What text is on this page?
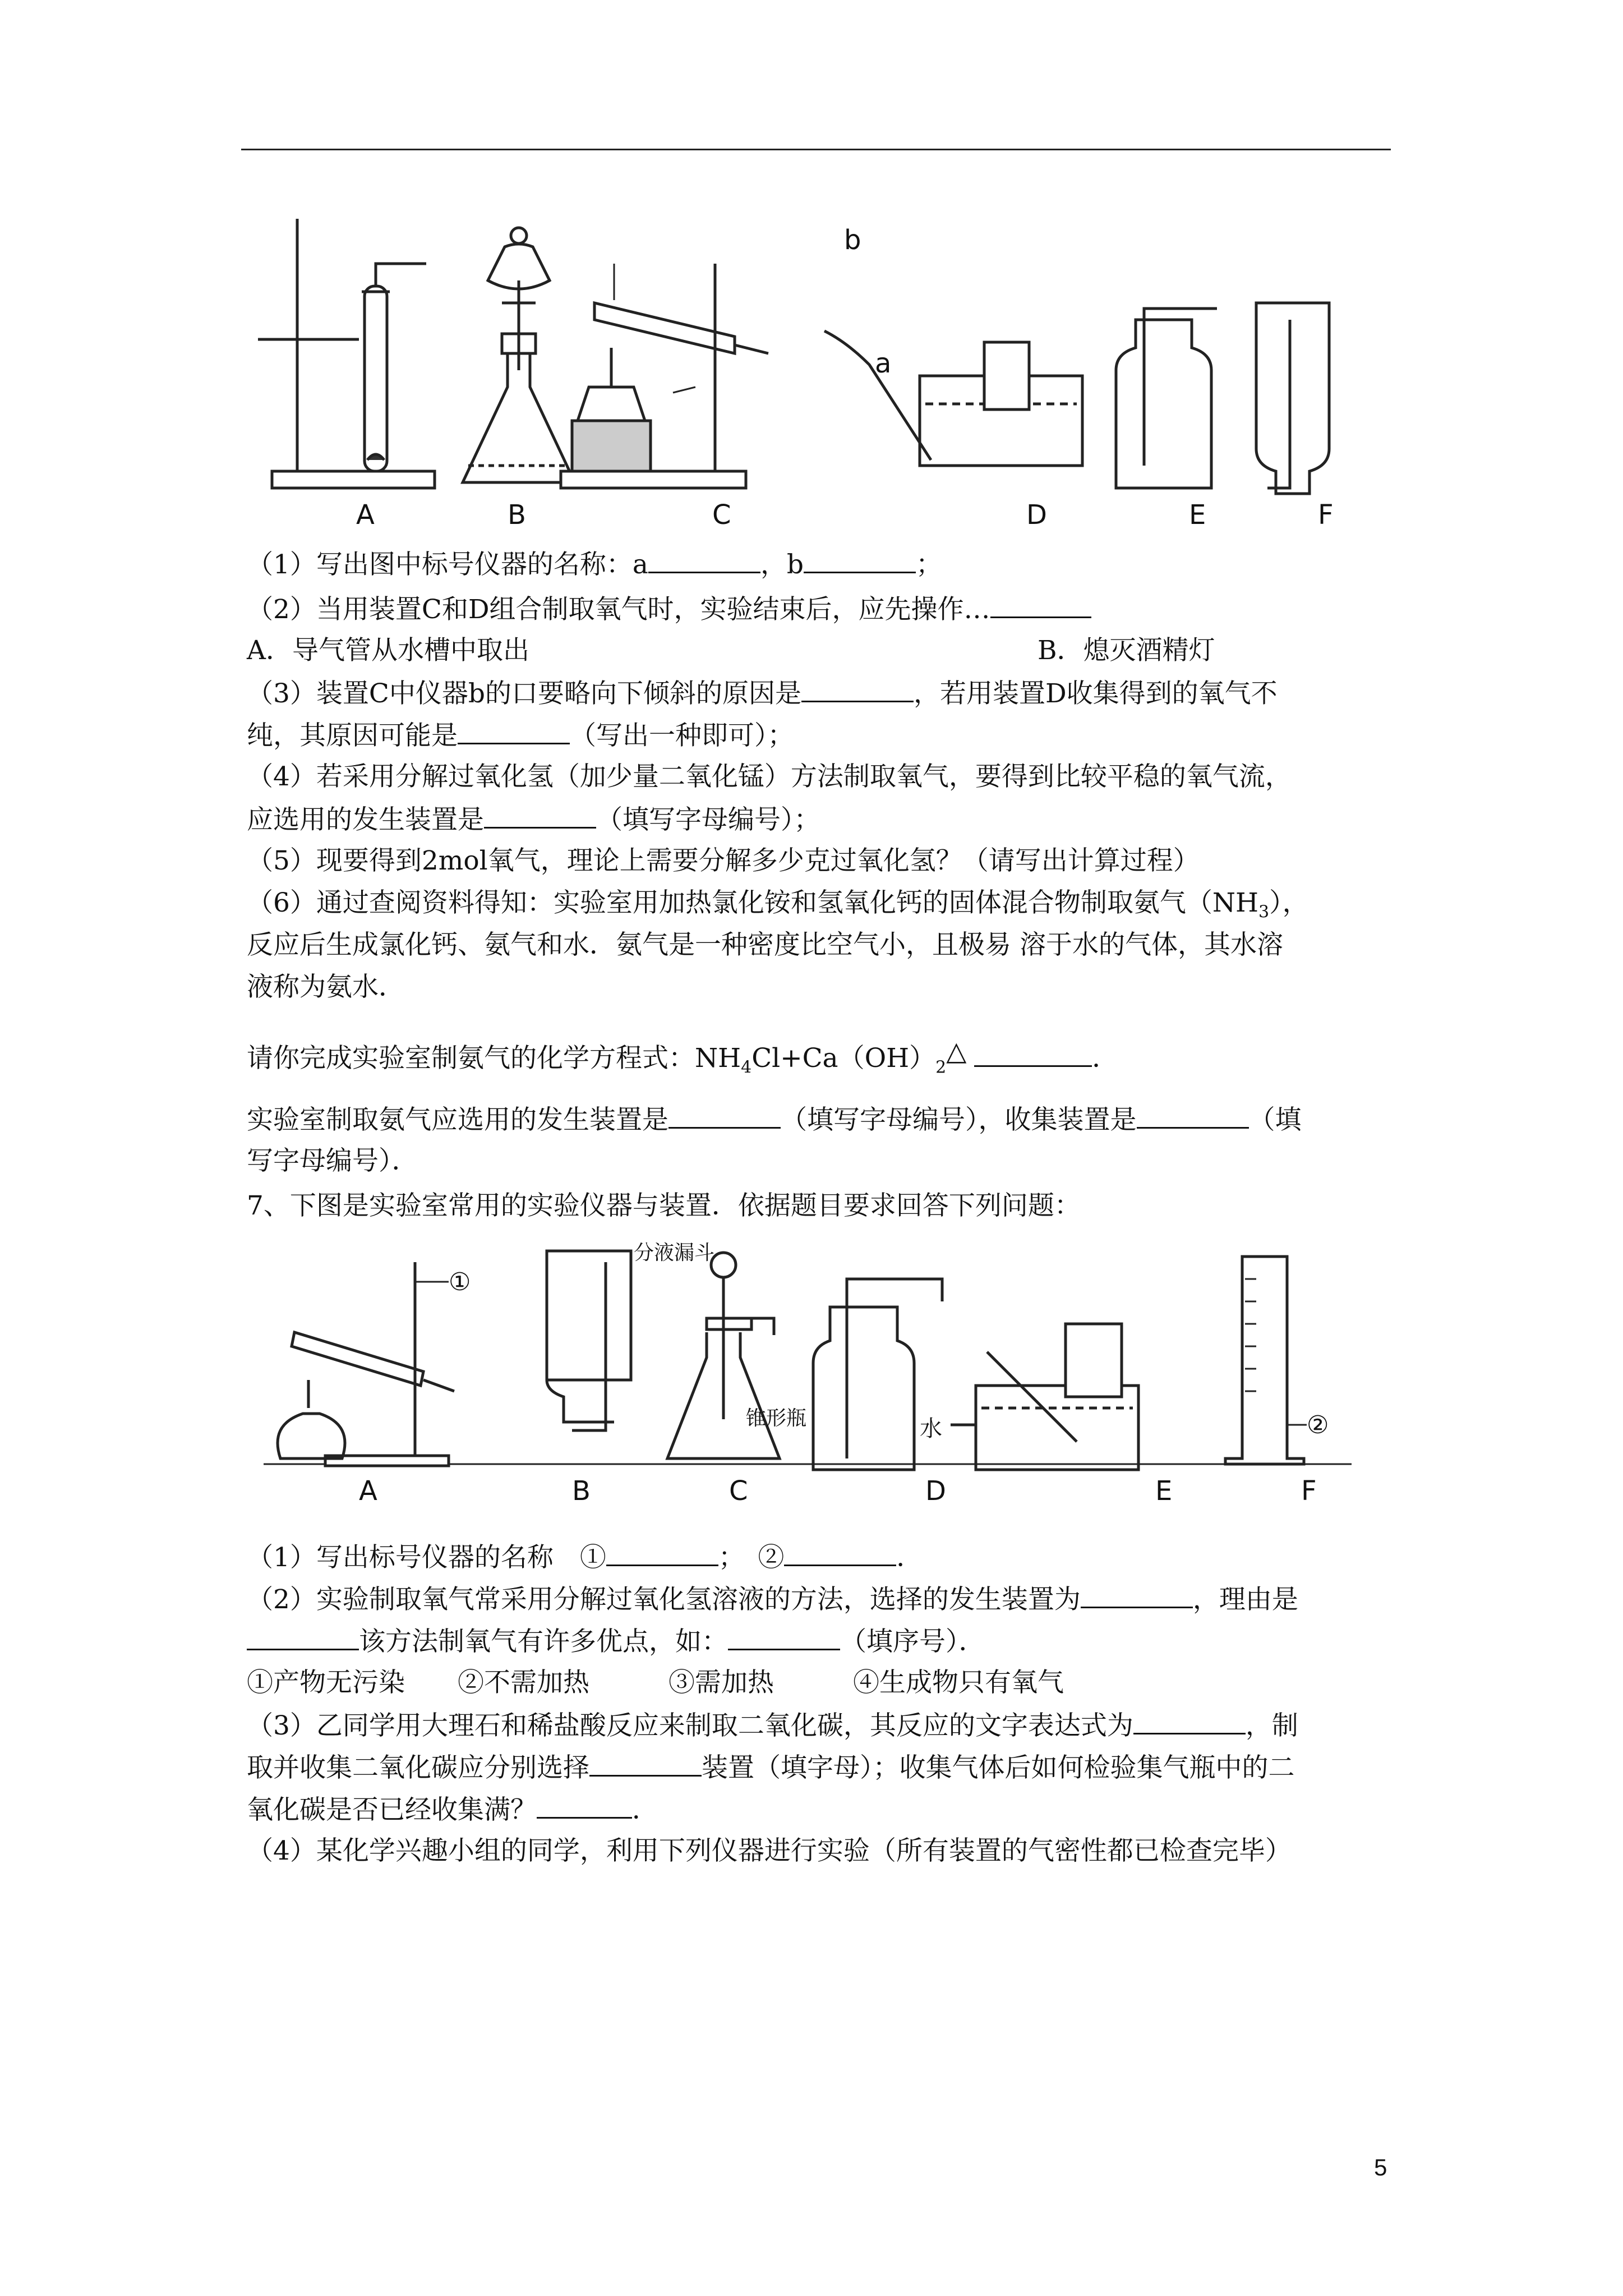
A	B	C	D	E	F
a
b
（1）写出图中标号仪器的名称：a	，b	；
（2）当用装置C和D组合制取氧气时，实验结束后，应先操作…
A．导气管从水槽中取出	B．熄灭酒精灯
（3）装置C中仪器b的口要略向下倾斜的原因是	，若用装置D收集得到的氧气不
纯，其原因可能是	（写出一种即可）；
（4）若采用分解过氧化氢（加少量二氧化锰）方法制取氧气，要得到比较平稳的氧气流，
应选用的发生装置是	（填写字母编号）；
（5）现要得到2mol氧气，理论上需要分解多少克过氧化氢？（请写出计算过程）
（6）通过查阅资料得知：实验室用加热氯化铵和氢氧化钙的固体混合物制取氨气$(NH_3)$，
反应后生成氯化钙、氨气和水．氨气是一种密度比空气小，且极易 溶于水的气体，其水溶
液称为氨水．
请你完成实验室制氨气的化学方程式：$NH_4Cl+Ca(OH)_2\triangle$	．
实验室制取氨气应选用的发生装置是	（填写字母编号），收集装置是	（填
写字母编号）．
7、下图是实验室常用的实验仪器与装置．依据题目要求回答下列问题：
A	B	C	D	E	F
分液漏斗
锥形瓶	水
①
②
（1）写出标号仪器的名称　①	；　②	．
（2）实验制取氧气常采用分解过氧化氢溶液的方法，选择的发生装置为	，理由是
该方法制氧气有许多优点，如：	（填序号）．
①产物无污染　　②不需加热　　　③需加热　　　④生成物只有氧气
（3）乙同学用大理石和稀盐酸反应来制取二氧化碳，其反应的文字表达式为	，制
取并收集二氧化碳应分别选择	装置（填字母）；收集气体后如何检验集气瓶中的二
氧化碳是否已经收集满？	．
（4）某化学兴趣小组的同学，利用下列仪器进行实验（所有装置的气密性都已检查完毕）
5
